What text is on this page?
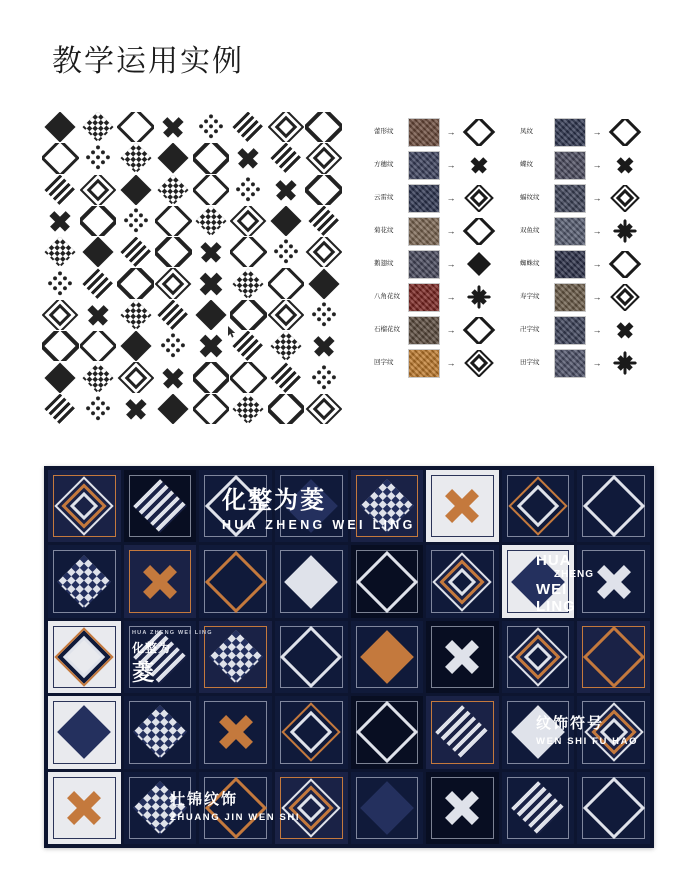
教学运用实例
蕾形纹	→
方穗纹	→
云雷纹	→
菊花纹	→
鹅翅纹	→
八角花纹	→
石榴花纹	→
回字纹	→
凤纹	→
蝶纹	→
蝠纹纹	→
双鱼纹	→
蜘蛛纹	→
寿字纹	→
卍字纹	→
田字纹	→
化整为菱
HUA ZHENG WEI LING
HUA
ZHENG
WEI
LING
HUA ZHENG WEI LING
化整为
菱
纹饰符号
WEN SHI FU HAO
壮锦纹饰
ZHUANG JIN WEN SHI
